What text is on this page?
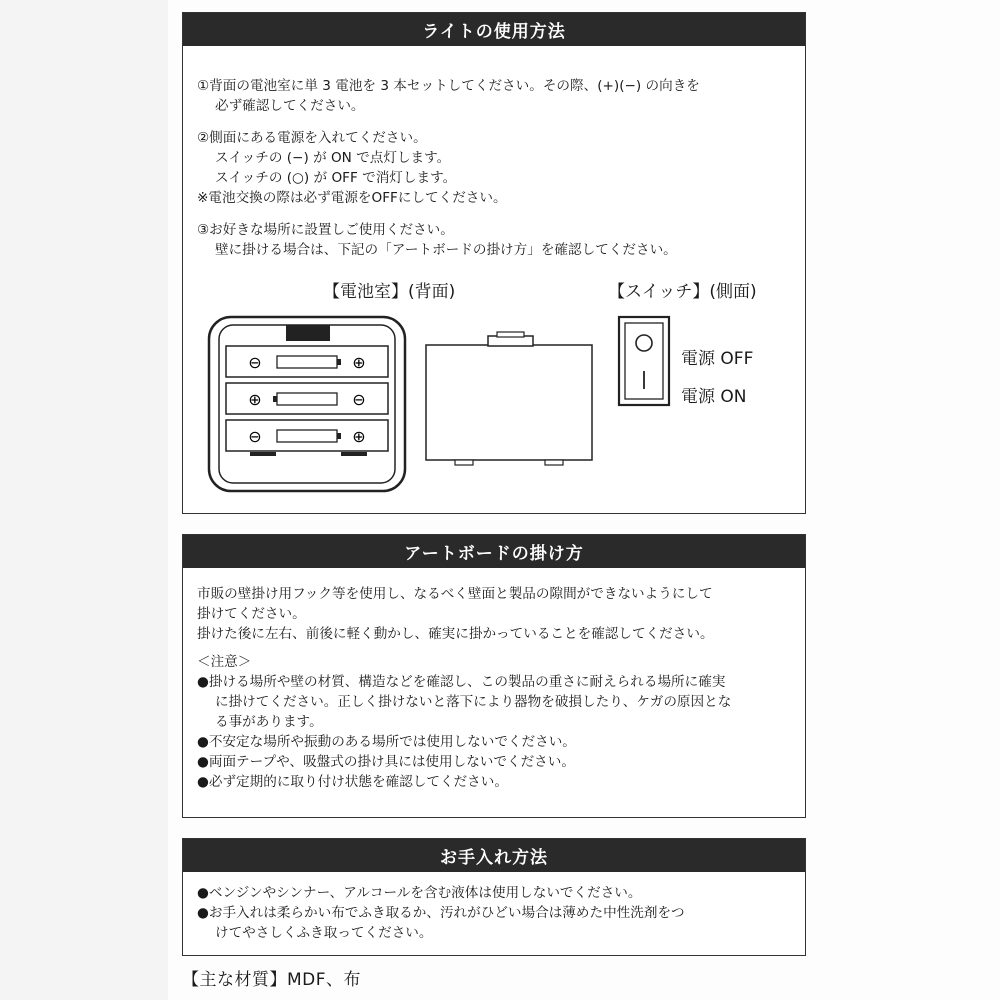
ライトの使用方法
①背面の電池室に単 3 電池を 3 本セットしてください。その際、(+)(−) の向きを
必ず確認してください。
②側面にある電源を入れてください。
スイッチの (−) が ON で点灯します。
スイッチの (○) が OFF で消灯します。
※電池交換の際は必ず電源をOFFにしてください。
③お好きな場所に設置しご使用ください。
壁に掛ける場合は、下記の「アートボードの掛け方」を確認してください。
【電池室】(背面)	【スイッチ】(側面)
⊖	⊕
⊕	⊖
⊖	⊕
電源 OFF
電源 ON
アートボードの掛け方
市販の壁掛け用フック等を使用し、なるべく壁面と製品の隙間ができないようにして
掛けてください。
掛けた後に左右、前後に軽く動かし、確実に掛かっていることを確認してください。
＜注意＞
● 掛ける場所や壁の材質、構造などを確認し、この製品の重さに耐えられる場所に確実
に掛けてください。正しく掛けないと落下により器物を破損したり、ケガの原因とな
る事があります。
● 不安定な場所や振動のある場所では使用しないでください。
● 両面テープや、吸盤式の掛け具には使用しないでください。
● 必ず定期的に取り付け状態を確認してください。
お手入れ方法
● ベンジンやシンナー、アルコールを含む液体は使用しないでください。
● お手入れは柔らかい布でふき取るか、汚れがひどい場合は薄めた中性洗剤をつ
けてやさしくふき取ってください。
【主な材質】MDF、布
